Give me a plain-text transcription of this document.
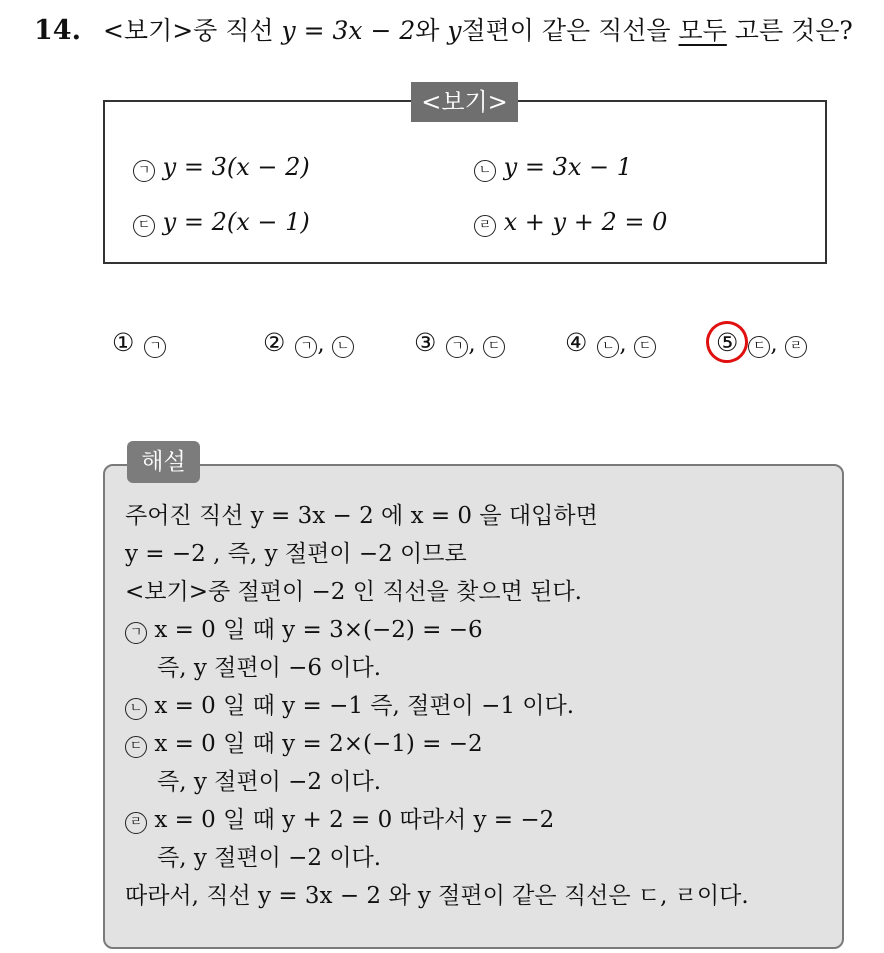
14. <보기>중 직선 y = 3x − 2와 y절편이 같은 직선을 모두 고른 것은?
<보기>
ㄱ y = 3(x − 2)	ㄴ y = 3x − 1
ㄷ y = 2(x − 1)	ㄹ x + y + 2 = 0
① ㄱ	② ㄱ , ㄴ	③ ㄱ , ㄷ	④ ㄴ , ㄷ	⑤ ㄷ , ㄹ
해설
주어진 직선 y = 3x − 2 에 x = 0 을 대입하면
y = −2 , 즉, y 절편이 −2 이므로
<보기>중 절편이 −2 인 직선을 찾으면 된다.
ㄱ x = 0 일 때 y = 3×(−2) = −6
즉, y 절편이 −6 이다.
ㄴ x = 0 일 때 y = −1 즉, 절편이 −1 이다.
ㄷ x = 0 일 때 y = 2×(−1) = −2
즉, y 절편이 −2 이다.
ㄹ x = 0 일 때 y + 2 = 0 따라서 y = −2
즉, y 절편이 −2 이다.
따라서, 직선 y = 3x − 2 와 y 절편이 같은 직선은 ㄷ, ㄹ이다.
